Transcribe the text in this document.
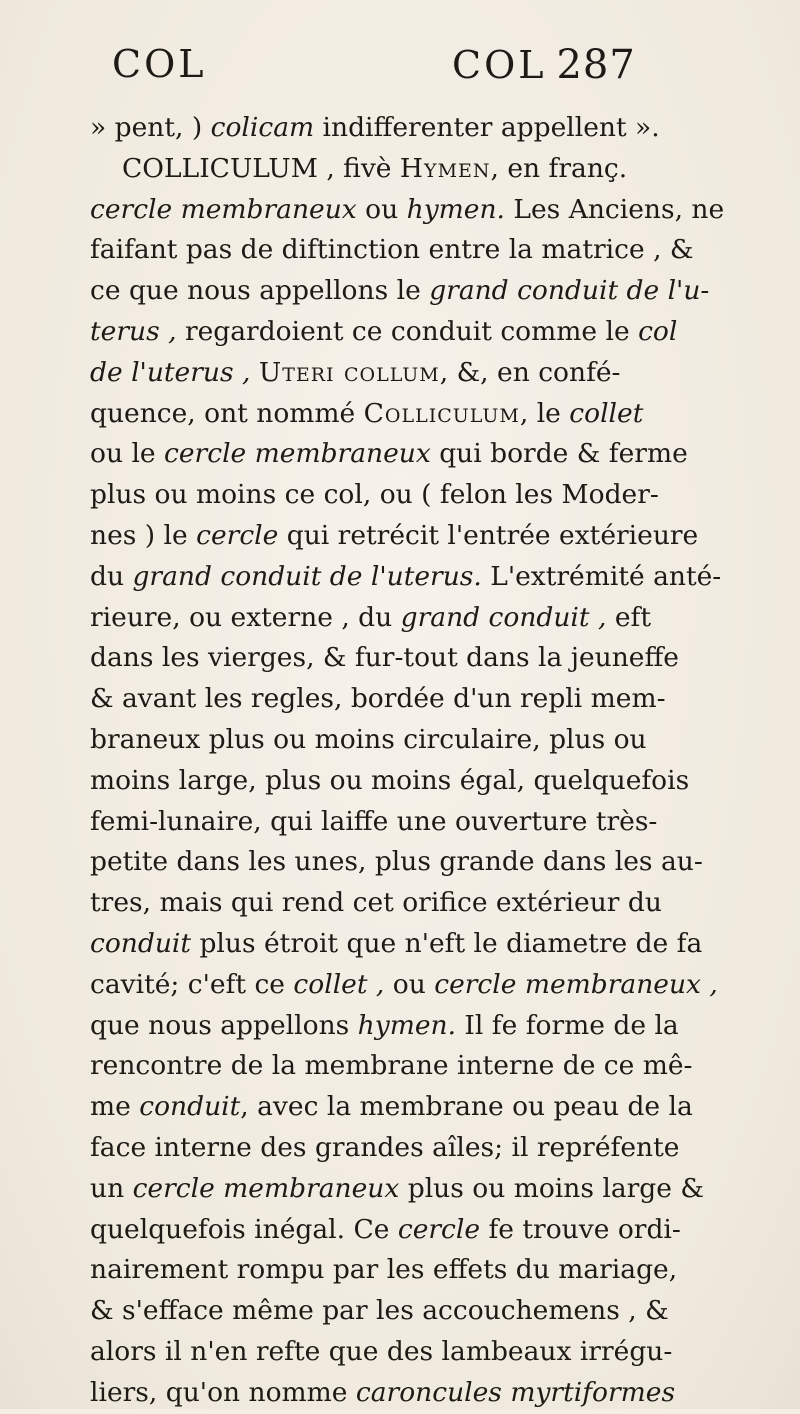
COL	COL 287
» pent, ) colicam indifferenter appellent ».
COLLICULUM , fivè Hymen, en franç.
cercle membraneux ou hymen. Les Anciens, ne
faifant pas de diftinction entre la matrice , &
ce que nous appellons le grand conduit de l'u-
terus , regardoient ce conduit comme le col
de l'uterus , Uteri collum, &, en confé-
quence, ont nommé Colliculum, le collet
ou le cercle membraneux qui borde & ferme
plus ou moins ce col, ou ( felon les Moder-
nes ) le cercle qui retrécit l'entrée extérieure
du grand conduit de l'uterus. L'extrémité anté-
rieure, ou externe , du grand conduit , eft
dans les vierges, & fur-tout dans la jeuneffe
& avant les regles, bordée d'un repli mem-
braneux plus ou moins circulaire, plus ou
moins large, plus ou moins égal, quelquefois
femi-lunaire, qui laiffe une ouverture très-
petite dans les unes, plus grande dans les au-
tres, mais qui rend cet orifice extérieur du
conduit plus étroit que n'eft le diametre de fa
cavité; c'eft ce collet , ou cercle membraneux ,
que nous appellons hymen. Il fe forme de la
rencontre de la membrane interne de ce mê-
me conduit, avec la membrane ou peau de la
face interne des grandes aîles; il repréfente
un cercle membraneux plus ou moins large &
quelquefois inégal. Ce cercle fe trouve ordi-
nairement rompu par les effets du mariage,
& s'efface même par les accouchemens , &
alors il n'en refte que des lambeaux irrégu-
liers, qu'on nomme caroncules myrtiformes
